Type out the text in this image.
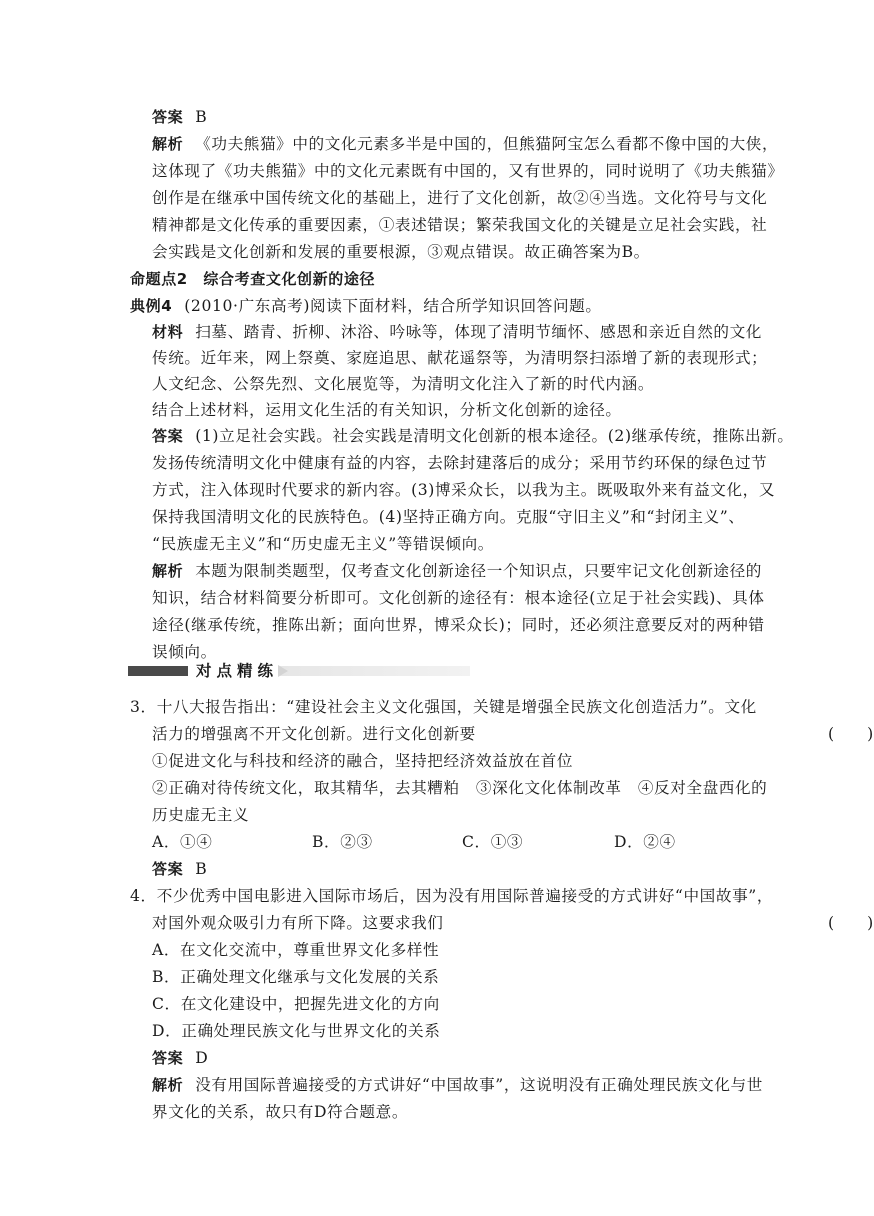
答案 B
解析 《功夫熊猫》中的文化元素多半是中国的，但熊猫阿宝怎么看都不像中国的大侠，
这体现了《功夫熊猫》中的文化元素既有中国的，又有世界的，同时说明了《功夫熊猫》
创作是在继承中国传统文化的基础上，进行了文化创新，故②④当选。文化符号与文化
精神都是文化传承的重要因素，①表述错误；繁荣我国文化的关键是立足社会实践，社
会实践是文化创新和发展的重要根源，③观点错误。故正确答案为B。
命题点2　综合考查文化创新的途径
典例4 (2010·广东高考)阅读下面材料，结合所学知识回答问题。
材料 扫墓、踏青、折柳、沐浴、吟咏等，体现了清明节缅怀、感恩和亲近自然的文化
传统。近年来，网上祭奠、家庭追思、献花遥祭等，为清明祭扫添增了新的表现形式；
人文纪念、公祭先烈、文化展览等，为清明文化注入了新的时代内涵。
结合上述材料，运用文化生活的有关知识，分析文化创新的途径。
答案 (1)立足社会实践。社会实践是清明文化创新的根本途径。(2)继承传统，推陈出新。
发扬传统清明文化中健康有益的内容，去除封建落后的成分；采用节约环保的绿色过节
方式，注入体现时代要求的新内容。(3)博采众长，以我为主。既吸取外来有益文化，又
保持我国清明文化的民族特色。(4)坚持正确方向。克服“守旧主义”和“封闭主义”、
“民族虚无主义”和“历史虚无主义”等错误倾向。
解析 本题为限制类题型，仅考查文化创新途径一个知识点，只要牢记文化创新途径的
知识，结合材料简要分析即可。文化创新的途径有：根本途径(立足于社会实践)、具体
途径(继承传统，推陈出新；面向世界，博采众长)；同时，还必须注意要反对的两种错
误倾向。
对点精练
3．十八大报告指出：“建设社会主义文化强国，关键是增强全民族文化创造活力”。文化
活力的增强离不开文化创新。进行文化创新要	(　　)
①促进文化与科技和经济的融合，坚持把经济效益放在首位
②正确对待传统文化，取其精华，去其糟粕　③深化文化体制改革　④反对全盘西化的
历史虚无主义
A．①④	B．②③	C．①③	D．②④
答案 B
4．不少优秀中国电影进入国际市场后，因为没有用国际普遍接受的方式讲好“中国故事”，
对国外观众吸引力有所下降。这要求我们	(　　)
A．在文化交流中，尊重世界文化多样性
B．正确处理文化继承与文化发展的关系
C．在文化建设中，把握先进文化的方向
D．正确处理民族文化与世界文化的关系
答案 D
解析 没有用国际普遍接受的方式讲好“中国故事”，这说明没有正确处理民族文化与世
界文化的关系，故只有D符合题意。
